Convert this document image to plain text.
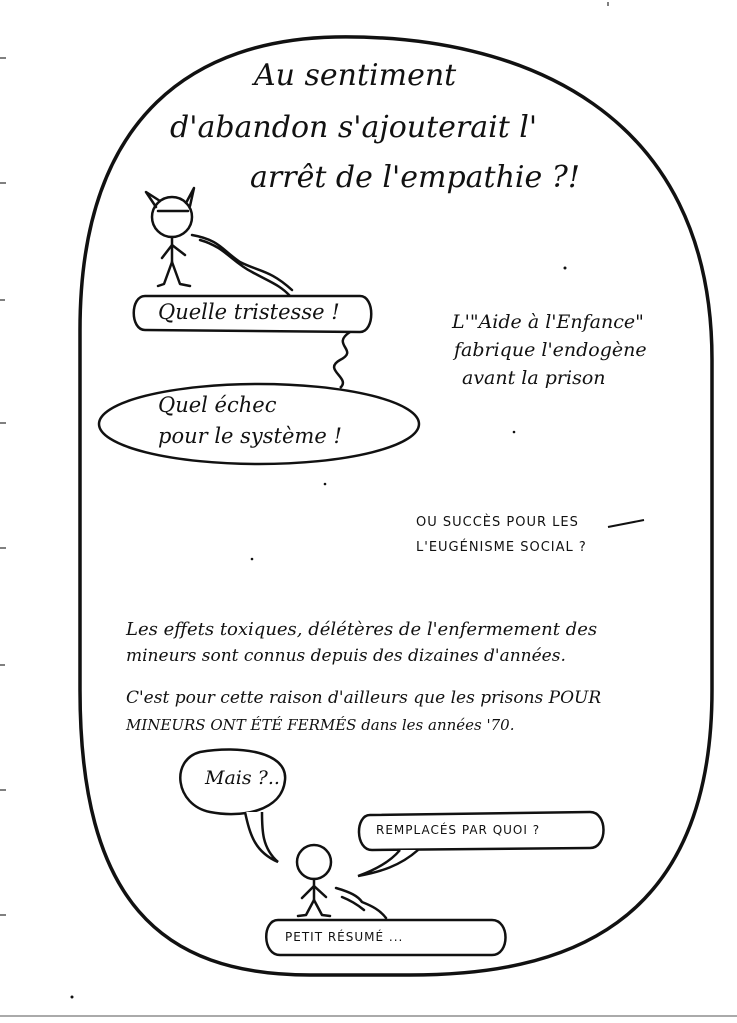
Au sentiment
d'abandon s'ajouterait l'
arrêt de l'empathie ?!
Quelle tristesse !
Quel échec
pour le système !
L'"Aide à l'Enfance"
fabrique l'endogène
avant la prison
OU SUCCÈS POUR LES
L'EUGÉNISME SOCIAL ?
Les effets toxiques, délétères de l'enfermement des
mineurs sont connus depuis des dizaines d'années.
C'est pour cette raison d'ailleurs que les prisons POUR
MINEURS ONT ÉTÉ FERMÉS dans les années '70.
Mais ?..
REMPLACÉS PAR QUOI ?
PETIT RÉSUMÉ ...
